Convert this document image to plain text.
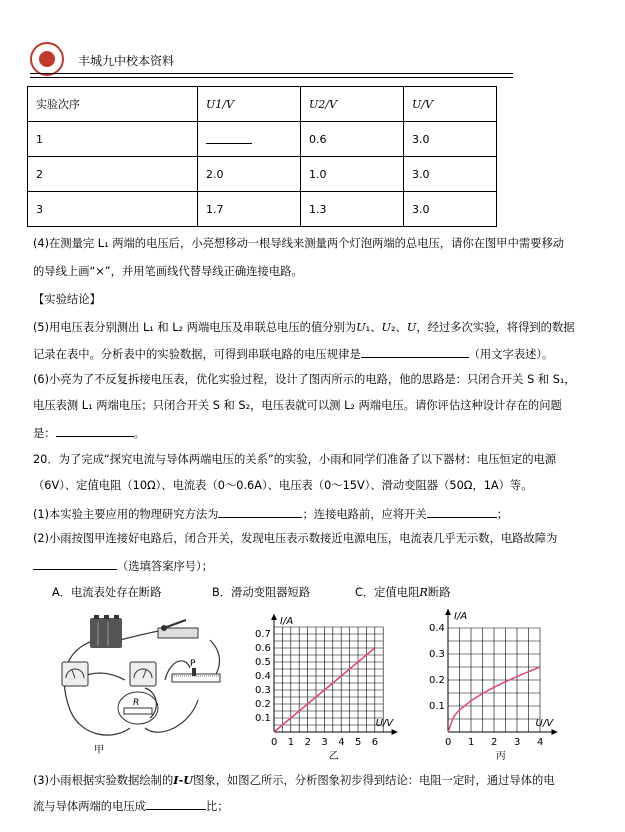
丰城九中校本资料
实验次序	U1/V	U2/V	U/V
1		0.6	3.0
2	2.0	1.0	3.0
3	1.7	1.3	3.0
(4)在测量完 L₁ 两端的电压后，小亮想移动一根导线来测量两个灯泡两端的总电压，请你在图甲中需要移动
的导线上画“×”，并用笔画线代替导线正确连接电路。
【实验结论】
(5)用电压表分别测出 L₁ 和 L₂ 两端电压及串联总电压的值分别为U₁、U₂、U，经过多次实验，将得到的数据
记录在表中。分析表中的实验数据，可得到串联电路的电压规律是	（用文字表述）。
(6)小亮为了不反复拆接电压表，优化实验过程，设计了图丙所示的电路，他的思路是：只闭合开关 S 和 S₁，
电压表测 L₁ 两端电压；只闭合开关 S 和 S₂，电压表就可以测 L₂ 两端电压。请你评估这种设计存在的问题
是：	。
20．为了完成“探究电流与导体两端电压的关系”的实验，小雨和同学们准备了以下器材：电压恒定的电源
（6V）、定值电阻（10Ω）、电流表（0～0.6A）、电压表（0～15V）、滑动变阻器（50Ω，1A）等。
(1)本实验主要应用的物理研究方法为	；连接电路前，应将开关	；
(2)小雨按图甲连接好电路后，闭合开关，发现电压表示数接近电源电压，电流表几乎无示数，电路故障为
（选填答案序号）；
A．电流表处存在断路	B．滑动变阻器短路	C．定值电阻R断路
P
R
甲
I/A
U/V
0 1 2 3 4 5 6
0.7
0.6
0.5
0.4
0.3
0.2
0.1
乙
I/A
U/V
0 1 2 3 4
0.4
0.3
0.2
0.1
丙
(3)小雨根据实验数据绘制的I-U图象，如图乙所示，分析图象初步得到结论：电阻一定时，通过导体的电
流与导体两端的电压成	比；
